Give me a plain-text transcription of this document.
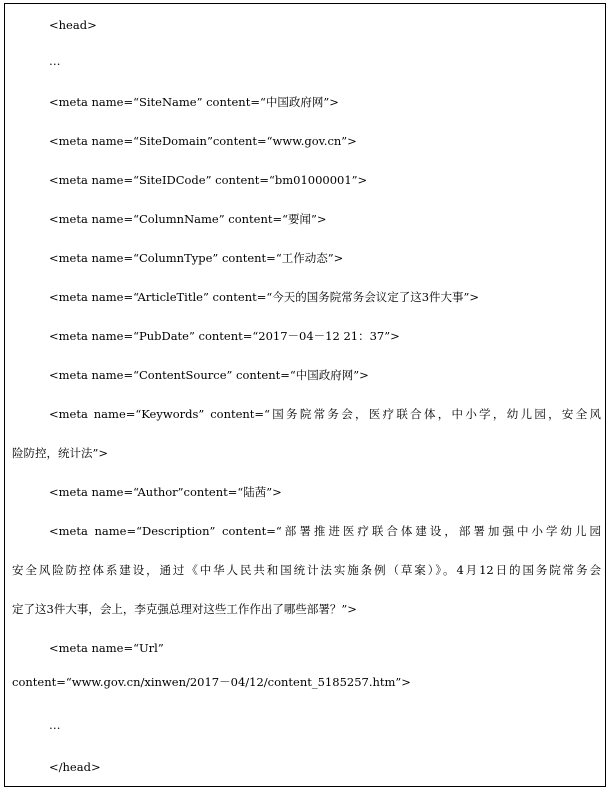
<head>
…
<meta name=“SiteName” content=“中国政府网”>
<meta name=“SiteDomain”content=“www.gov.cn”>
<meta name=“SiteIDCode” content=“bm01000001”>
<meta name=“ColumnName” content=“要闻”>
<meta name=“ColumnType” content=“工作动态”>
<meta name=“ArticleTitle” content=“今天的国务院常务会议定了这3件大事”>
<meta name=“PubDate” content=“2017－04－12 21：37”>
<meta name=“ContentSource” content=“中国政府网”>
<meta name=“Keywords” content=“国务院常务会，医疗联合体，中小学，幼儿园，安全风
险防控，统计法”>
<meta name=“Author”content=“陆茜”>
<meta name=“Description” content=“部署推进医疗联合体建设，部署加强中小学幼儿园
安全风险防控体系建设，通过《中华人民共和国统计法实施条例（草案）》。4月12日的国务院常务会
定了这3件大事，会上，李克强总理对这些工作作出了哪些部署？”>
<meta name=“Url”
content=“www.gov.cn/xinwen/2017－04/12/content_5185257.htm”>
…
</head>
